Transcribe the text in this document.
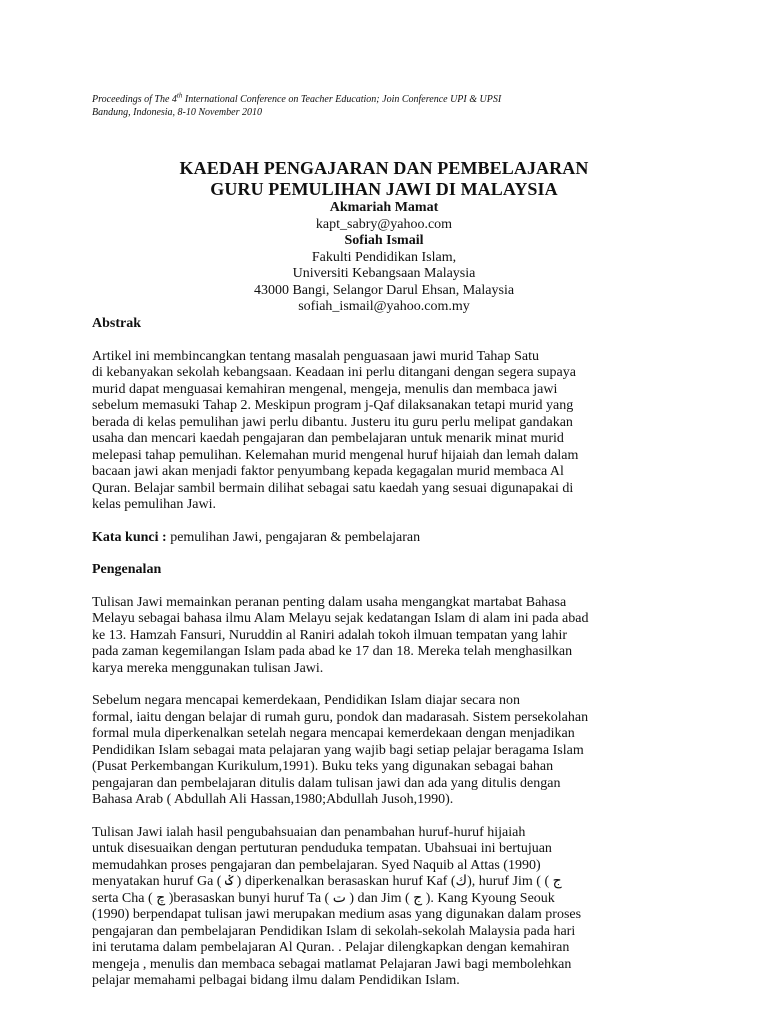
Proceedings of The 4th International Conference on Teacher Education; Join Conference UPI & UPSI

Bandung, Indonesia, 8-10 November 2010

KAEDAH PENGAJARAN DAN PEMBELAJARAN

GURU PEMULIHAN JAWI DI MALAYSIA

Akmariah Mamat

kapt_sabry@yahoo.com

Sofiah Ismail

Fakulti Pendidikan Islam,

Universiti Kebangsaan Malaysia

43000 Bangi, Selangor Darul Ehsan, Malaysia

sofiah_ismail@yahoo.com.my

Abstrak

Artikel ini membincangkan tentang masalah penguasaan jawi murid Tahap Satu
di kebanyakan sekolah kebangsaan. Keadaan ini perlu ditangani dengan segera supaya
murid dapat menguasai kemahiran mengenal, mengeja, menulis dan membaca jawi
sebelum memasuki Tahap 2. Meskipun program j-Qaf dilaksanakan tetapi murid yang
berada di kelas pemulihan jawi perlu dibantu. Justeru itu guru perlu melipat gandakan
usaha dan mencari kaedah pengajaran dan pembelajaran untuk menarik minat murid
melepasi tahap pemulihan. Kelemahan murid mengenal huruf hijaiah dan lemah dalam
bacaan jawi akan menjadi faktor penyumbang kepada kegagalan murid membaca Al
Quran. Belajar sambil bermain dilihat sebagai satu kaedah yang sesuai digunapakai di
kelas pemulihan Jawi.

Kata kunci : pemulihan Jawi, pengajaran & pembelajaran

Pengenalan

Tulisan Jawi memainkan peranan penting dalam usaha mengangkat martabat Bahasa
Melayu sebagai bahasa ilmu Alam Melayu sejak kedatangan Islam di alam ini pada abad
ke 13. Hamzah Fansuri, Nuruddin al Raniri adalah tokoh ilmuan tempatan yang lahir
pada zaman kegemilangan Islam pada abad ke 17 dan 18. Mereka telah menghasilkan
karya mereka menggunakan tulisan Jawi.

Sebelum negara mencapai kemerdekaan, Pendidikan Islam diajar secara non
formal, iaitu dengan belajar di rumah guru, pondok dan madarasah. Sistem persekolahan
formal mula diperkenalkan setelah negara mencapai kemerdekaan dengan menjadikan
Pendidikan Islam sebagai mata pelajaran yang wajib bagi setiap pelajar beragama Islam
(Pusat Perkembangan Kurikulum,1991). Buku teks yang digunakan sebagai bahan
pengajaran dan pembelajaran ditulis dalam tulisan jawi dan ada yang ditulis dengan
Bahasa Arab ( Abdullah Ali Hassan,1980;Abdullah Jusoh,1990).

Tulisan Jawi ialah hasil pengubahsuaian dan penambahan huruf-huruf hijaiah
untuk disesuaikan dengan pertuturan penduduka tempatan. Ubahsuai ini bertujuan
memudahkan proses pengajaran dan pembelajaran. Syed Naquib al Attas (1990)
menyatakan huruf Ga ( ݢ ) diperkenalkan berasaskan huruf Kaf (ك), huruf Jim ( ( ج
serta Cha ( چ )berasaskan bunyi huruf Ta ( ت ) dan Jim ( ج ). Kang Kyoung Seouk
(1990) berpendapat tulisan jawi merupakan medium asas yang digunakan dalam proses
pengajaran dan pembelajaran Pendidikan Islam di sekolah-sekolah Malaysia pada hari
ini terutama dalam pembelajaran Al Quran. . Pelajar dilengkapkan dengan kemahiran
mengeja , menulis dan membaca sebagai matlamat Pelajaran Jawi bagi membolehkan
pelajar memahami pelbagai bidang ilmu dalam Pendidikan Islam.
